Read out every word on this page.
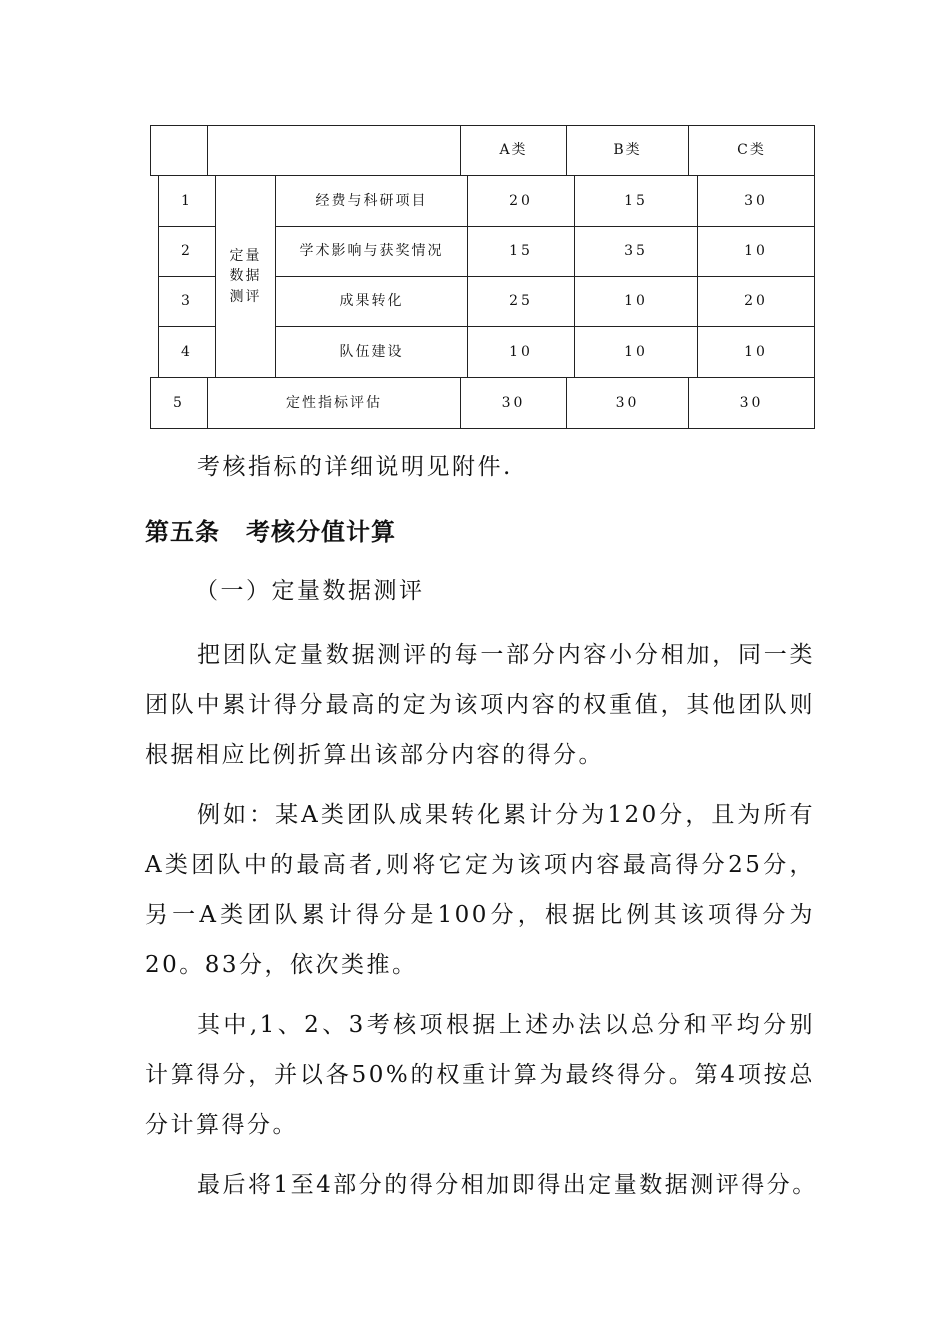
A类	B类	C类
定量
数据
测评
1	经费与科研项目	20	15	30
2	学术影响与获奖情况	15	35	10
3	成果转化	25	10	20
4	队伍建设	10	10	10
5	定性指标评估	30	30	30
考核指标的详细说明见附件.
第五条 考核分值计算
（一）定量数据测评
把团队定量数据测评的每一部分内容小分相加，同一类团队中累计得分最高的定为该项内容的权重值，其他团队则根据相应比例折算出该部分内容的得分。
例如：某A类团队成果转化累计分为120分，且为所有A类团队中的最高者,则将它定为该项内容最高得分25分，另一A类团队累计得分是100分，根据比例其该项得分为20。83分，依次类推。
其中,1、2、3考核项根据上述办法以总分和平均分别计算得分，并以各50%的权重计算为最终得分。第4项按总分计算得分。
最后将1至4部分的得分相加即得出定量数据测评得分。
